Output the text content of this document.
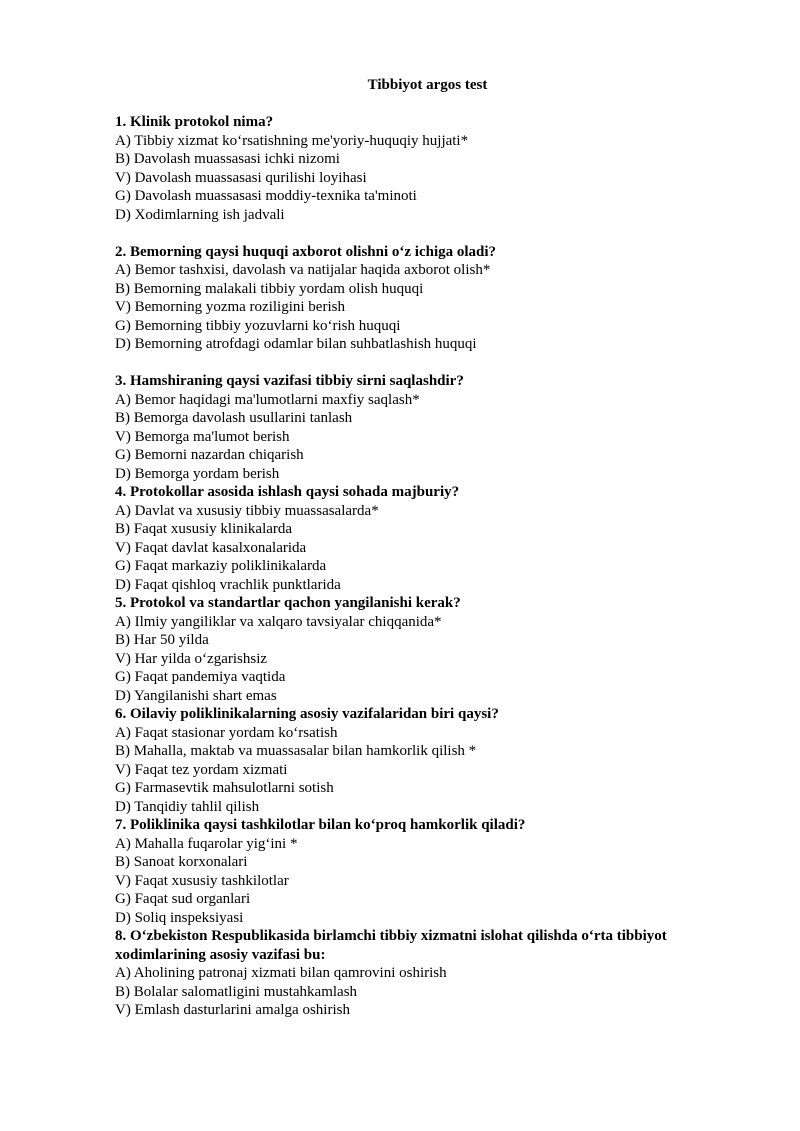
Tibbiyot argos test
1. Klinik protokol nima?
A) Tibbiy xizmat ko‘rsatishning me'yoriy-huquqiy hujjati*
B) Davolash muassasasi ichki nizomi
V) Davolash muassasasi qurilishi loyihasi
G) Davolash muassasasi moddiy-texnika ta'minoti
D) Xodimlarning ish jadvali
2. Bemorning qaysi huquqi axborot olishni o‘z ichiga oladi?
A) Bemor tashxisi, davolash va natijalar haqida axborot olish*
B) Bemorning malakali tibbiy yordam olish huquqi
V) Bemorning yozma roziligini berish
G) Bemorning tibbiy yozuvlarni ko‘rish huquqi
D) Bemorning atrofdagi odamlar bilan suhbatlashish huquqi
3. Hamshiraning qaysi vazifasi tibbiy sirni saqlashdir?
A) Bemor haqidagi ma'lumotlarni maxfiy saqlash*
B) Bemorga davolash usullarini tanlash
V) Bemorga ma'lumot berish
G) Bemorni nazardan chiqarish
D) Bemorga yordam berish
4. Protokollar asosida ishlash qaysi sohada majburiy?
A) Davlat va xususiy tibbiy muassasalarda*
B) Faqat xususiy klinikalarda
V) Faqat davlat kasalxonalarida
G) Faqat markaziy poliklinikalarda
D) Faqat qishloq vrachlik punktlarida
5. Protokol va standartlar qachon yangilanishi kerak?
A) Ilmiy yangiliklar va xalqaro tavsiyalar chiqqanida*
B) Har 50 yilda
V) Har yilda o‘zgarishsiz
G) Faqat pandemiya vaqtida
D) Yangilanishi shart emas
6. Oilaviy poliklinikalarning asosiy vazifalaridan biri qaysi?
A) Faqat stasionar yordam ko‘rsatish
B) Mahalla, maktab va muassasalar bilan hamkorlik qilish *
V) Faqat tez yordam xizmati
G) Farmasevtik mahsulotlarni sotish
D) Tanqidiy tahlil qilish
7. Poliklinika qaysi tashkilotlar bilan ko‘proq hamkorlik qiladi?
A) Mahalla fuqarolar yig‘ini *
B) Sanoat korxonalari
V) Faqat xususiy tashkilotlar
G) Faqat sud organlari
D) Soliq inspeksiyasi
8. O‘zbekiston Respublikasida birlamchi tibbiy xizmatni islohat qilishda o‘rta tibbiyot xodimlarining asosiy vazifasi bu:
A) Aholining patronaj xizmati bilan qamrovini oshirish
B) Bolalar salomatligini mustahkamlash
V) Emlash dasturlarini amalga oshirish
